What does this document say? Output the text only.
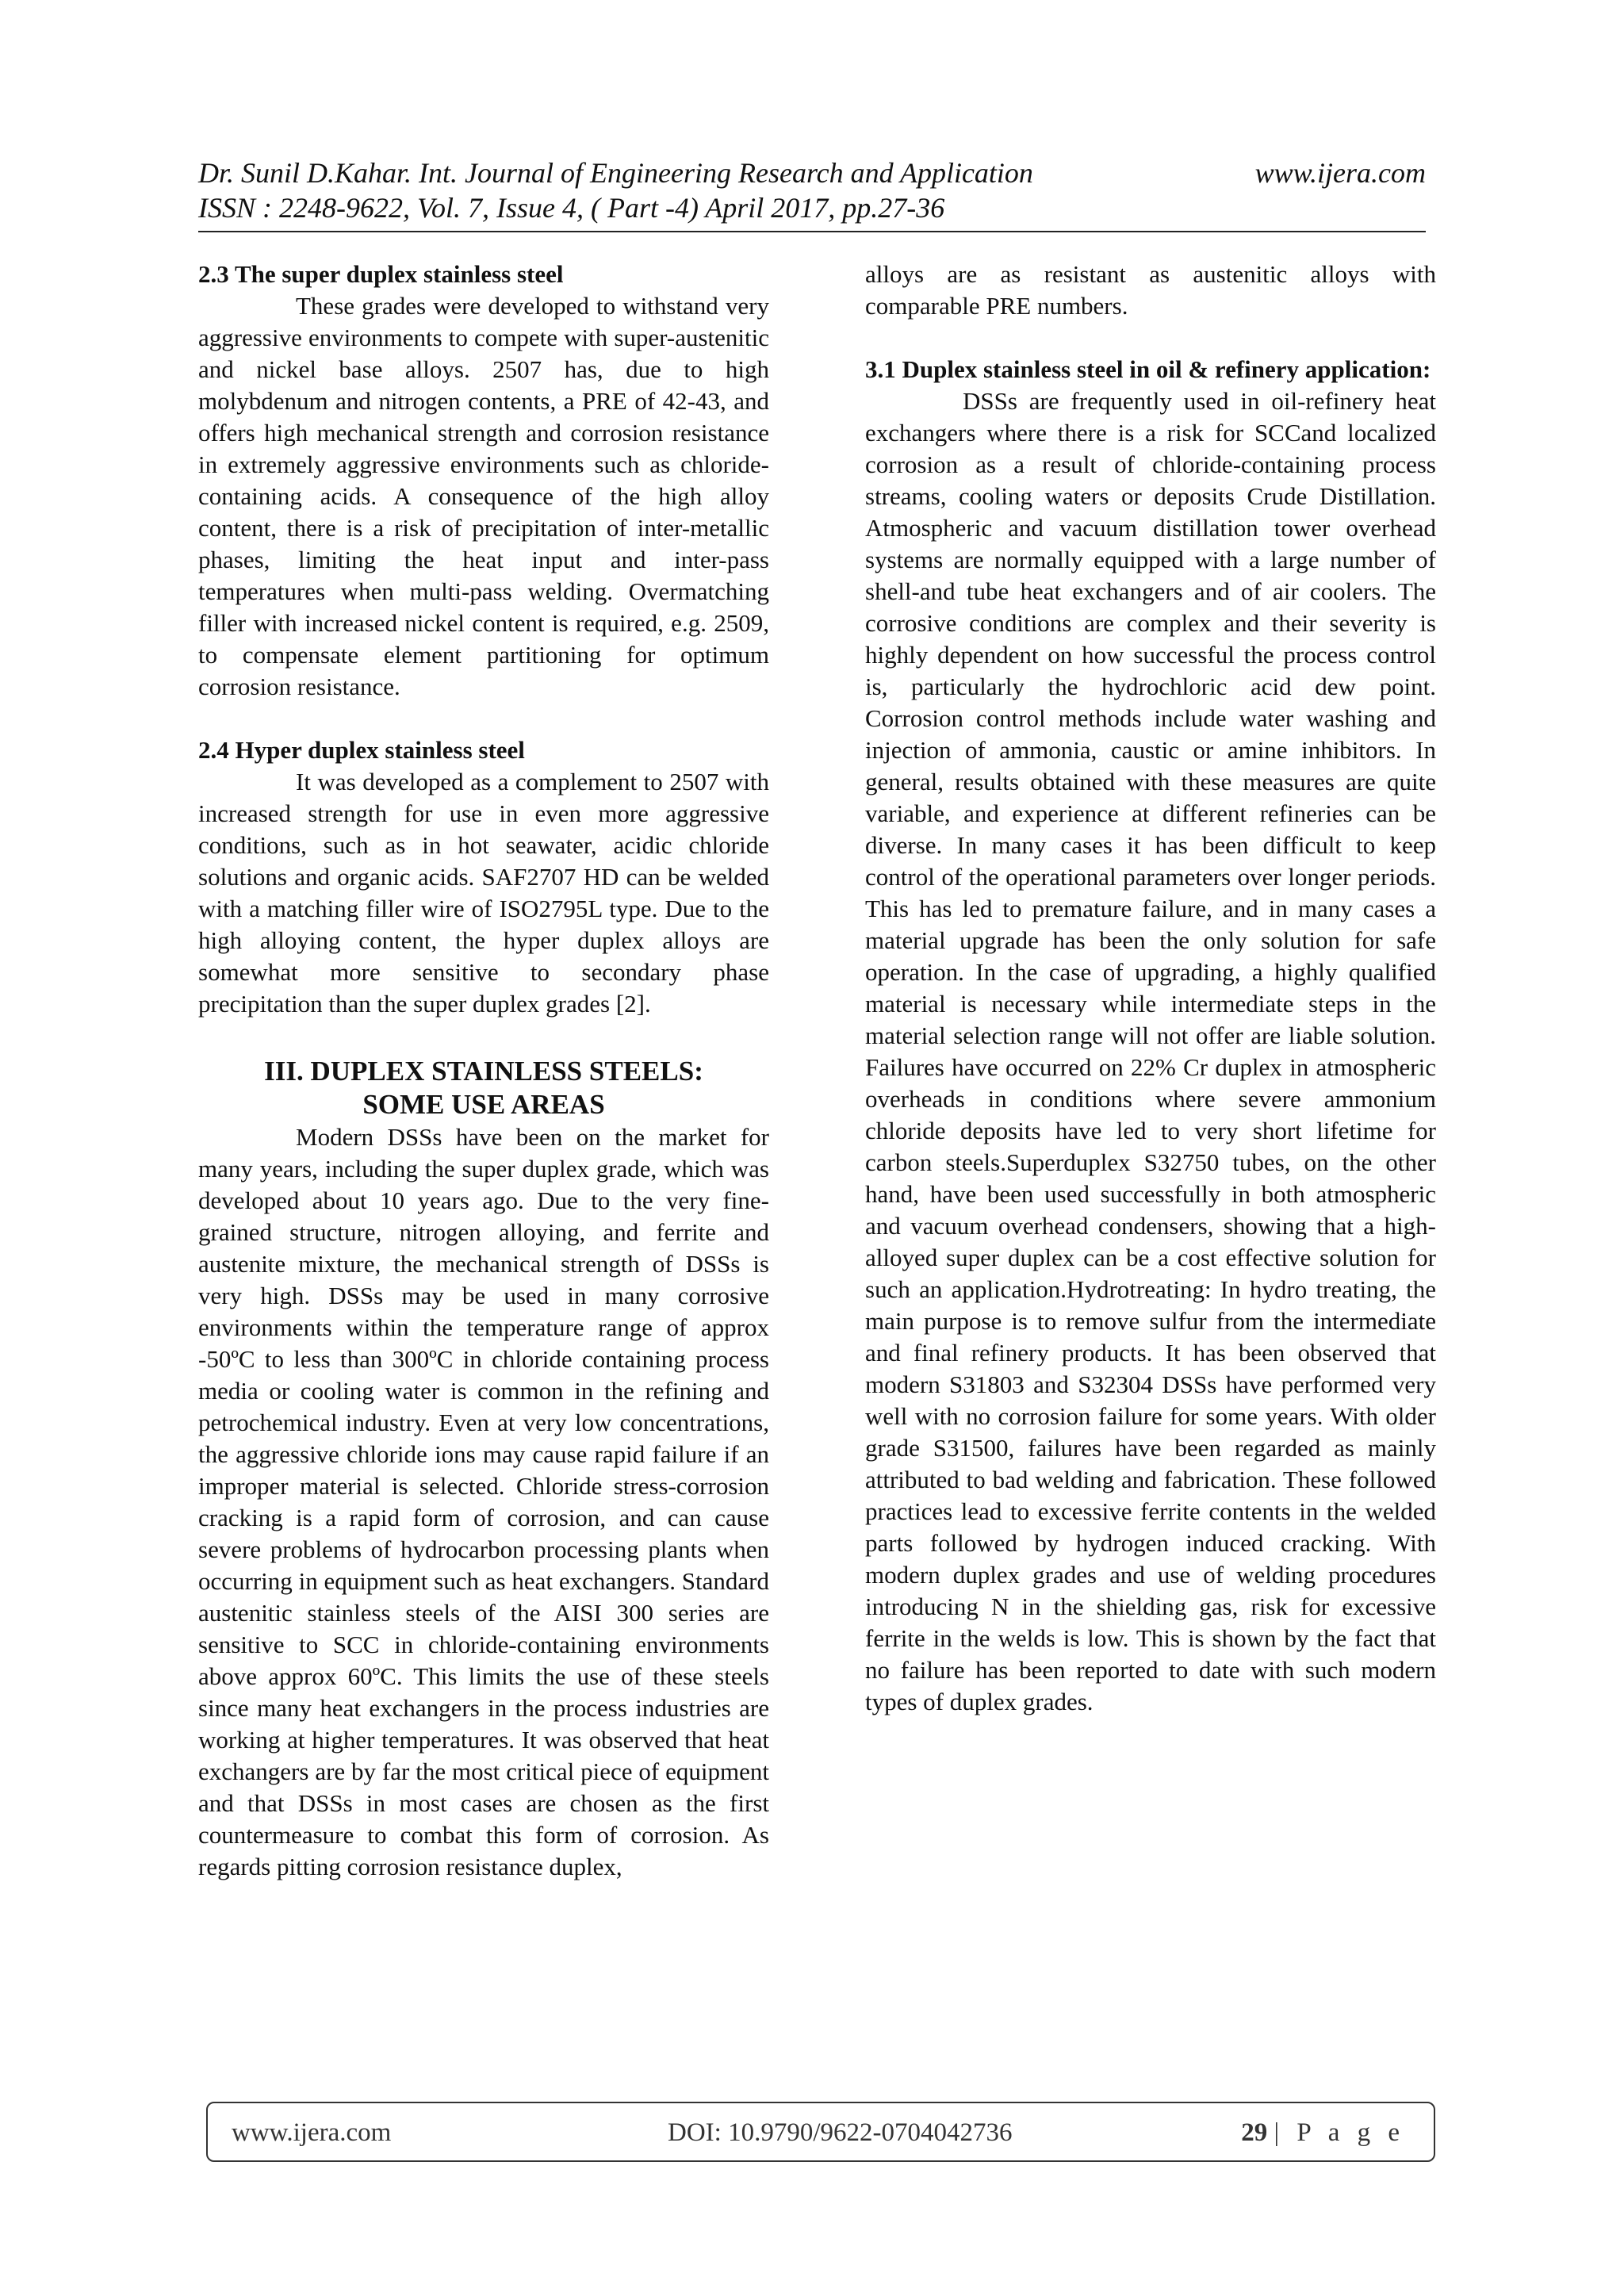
Dr. Sunil D.Kahar. Int. Journal of Engineering Research and Application	www.ijera.com
ISSN : 2248-9622, Vol. 7, Issue 4, ( Part -4) April 2017, pp.27-36

2.3 The super duplex stainless steel

These grades were developed to withstand very aggressive environments to compete with super-austenitic and nickel base alloys. 2507 has, due to high molybdenum and nitrogen contents, a PRE of 42-43, and offers high mechanical strength and corrosion resistance in extremely aggressive environments such as chloride-containing acids. A consequence of the high alloy content, there is a risk of precipitation of inter-metallic phases, limiting the heat input and inter-pass temperatures when multi-pass welding. Overmatching filler with increased nickel content is required, e.g. 2509, to compensate element partitioning for optimum corrosion resistance.

2.4 Hyper duplex stainless steel

It was developed as a complement to 2507 with increased strength for use in even more aggressive conditions, such as in hot seawater, acidic chloride solutions and organic acids. SAF2707 HD can be welded with a matching filler wire of ISO2795L type. Due to the high alloying content, the hyper duplex alloys are somewhat more sensitive to secondary phase precipitation than the super duplex grades [2].

III. DUPLEX STAINLESS STEELS:
SOME USE AREAS

Modern DSSs have been on the market for many years, including the super duplex grade, which was developed about 10 years ago. Due to the very fine-grained structure, nitrogen alloying, and ferrite and austenite mixture, the mechanical strength of DSSs is very high. DSSs may be used in many corrosive environments within the temperature range of approx -50ºC to less than 300ºC in chloride containing process media or cooling water is common in the refining and petrochemical industry. Even at very low concentrations, the aggressive chloride ions may cause rapid failure if an improper material is selected. Chloride stress-corrosion cracking is a rapid form of corrosion, and can cause severe problems of hydrocarbon processing plants when occurring in equipment such as heat exchangers. Standard austenitic stainless steels of the AISI 300 series are sensitive to SCC in chloride-containing environments above approx 60ºC. This limits the use of these steels since many heat exchangers in the process industries are working at higher temperatures. It was observed that heat exchangers are by far the most critical piece of equipment and that DSSs in most cases are chosen as the first countermeasure to combat this form of corrosion. As regards pitting corrosion resistance duplex,

alloys are as resistant as austenitic alloys with comparable PRE numbers.

3.1 Duplex stainless steel in oil & refinery application:

DSSs are frequently used in oil-refinery heat exchangers where there is a risk for SCCand localized corrosion as a result of chloride-containing process streams, cooling waters or deposits Crude Distillation. Atmospheric and vacuum distillation tower overhead systems are normally equipped with a large number of shell-and tube heat exchangers and of air coolers. The corrosive conditions are complex and their severity is highly dependent on how successful the process control is, particularly the hydrochloric acid dew point. Corrosion control methods include water washing and injection of ammonia, caustic or amine inhibitors. In general, results obtained with these measures are quite variable, and experience at different refineries can be diverse. In many cases it has been difficult to keep control of the operational parameters over longer periods. This has led to premature failure, and in many cases a material upgrade has been the only solution for safe operation. In the case of upgrading, a highly qualified material is necessary while intermediate steps in the material selection range will not offer are liable solution. Failures have occurred on 22% Cr duplex in atmospheric overheads in conditions where severe ammonium chloride deposits have led to very short lifetime for carbon steels.Superduplex S32750 tubes, on the other hand, have been used successfully in both atmospheric and vacuum overhead condensers, showing that a high-alloyed super duplex can be a cost effective solution for such an application.Hydrotreating: In hydro treating, the main purpose is to remove sulfur from the intermediate and final refinery products. It has been observed that modern S31803 and S32304 DSSs have performed very well with no corrosion failure for some years. With older grade S31500, failures have been regarded as mainly attributed to bad welding and fabrication. These followed practices lead to excessive ferrite contents in the welded parts followed by hydrogen induced cracking. With modern duplex grades and use of welding procedures introducing N in the shielding gas, risk for excessive ferrite in the welds is low. This is shown by the fact that no failure has been reported to date with such modern types of duplex grades.

www.ijera.com	DOI: 10.9790/9622-0704042736	29 | P a g e
